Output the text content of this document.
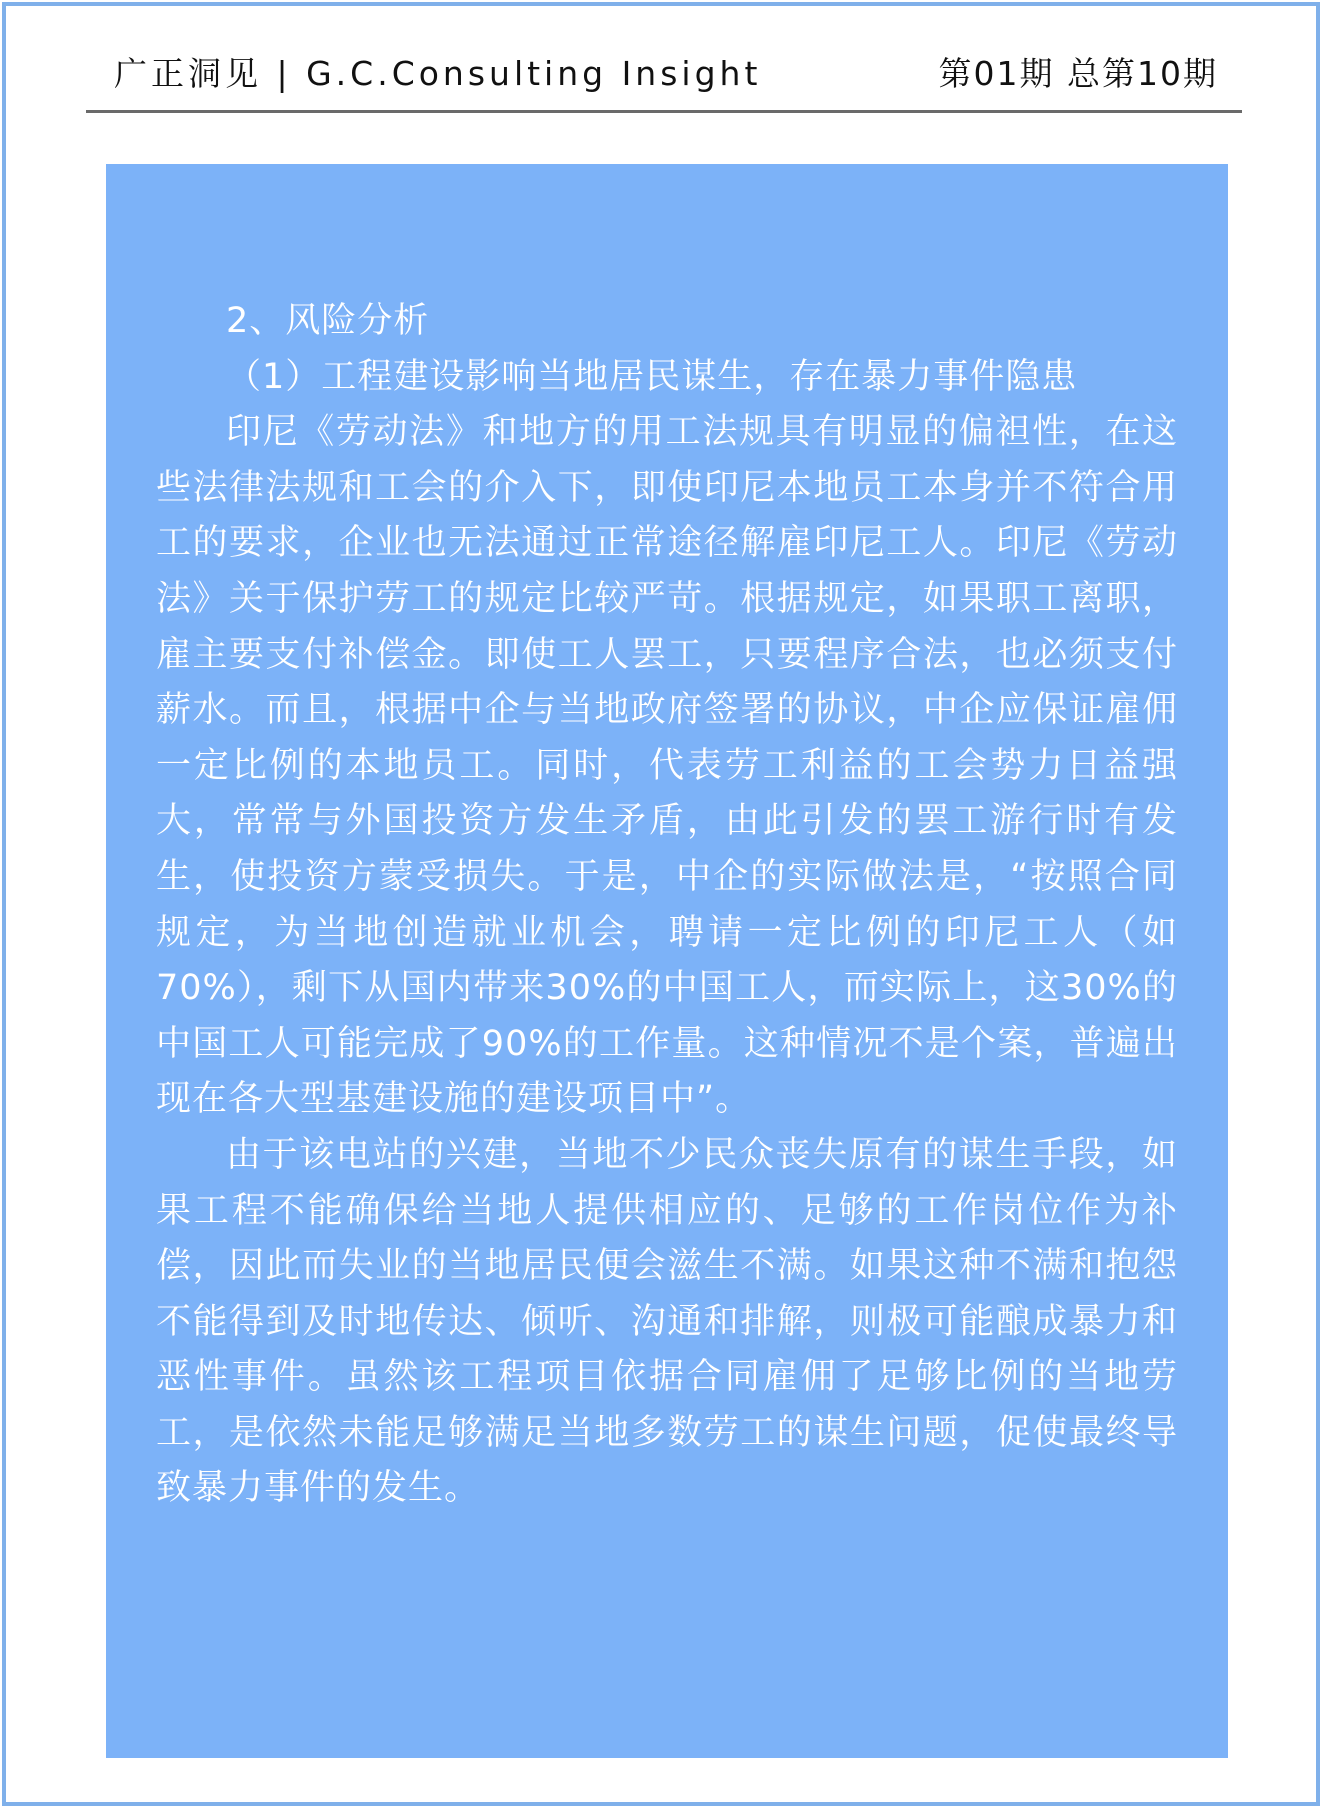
广正洞见 | G.C.Consulting Insight	第01期 总第10期
2、风险分析
（1）工程建设影响当地居民谋生，存在暴力事件隐患

印尼《劳动法》和地方的用工法规具有明显的偏袒性，在这些法律法规和工会的介入下，即使印尼本地员工本身并不符合用工的要求，企业也无法通过正常途径解雇印尼工人。印尼《劳动法》关于保护劳工的规定比较严苛。根据规定，如果职工离职，雇主要支付补偿金。即使工人罢工，只要程序合法，也必须支付薪水。而且，根据中企与当地政府签署的协议，中企应保证雇佣一定比例的本地员工。同时，代表劳工利益的工会势力日益强大，常常与外国投资方发生矛盾，由此引发的罢工游行时有发生，使投资方蒙受损失。于是，中企的实际做法是，“按照合同规定，为当地创造就业机会，聘请一定比例的印尼工人（如70%），剩下从国内带来30%的中国工人，而实际上，这30%的中国工人可能完成了90%的工作量。这种情况不是个案，普遍出现在各大型基建设施的建设项目中”。

由于该电站的兴建，当地不少民众丧失原有的谋生手段，如果工程不能确保给当地人提供相应的、足够的工作岗位作为补偿，因此而失业的当地居民便会滋生不满。如果这种不满和抱怨不能得到及时地传达、倾听、沟通和排解，则极可能酿成暴力和恶性事件。虽然该工程项目依据合同雇佣了足够比例的当地劳工，是依然未能足够满足当地多数劳工的谋生问题，促使最终导致暴力事件的发生。
